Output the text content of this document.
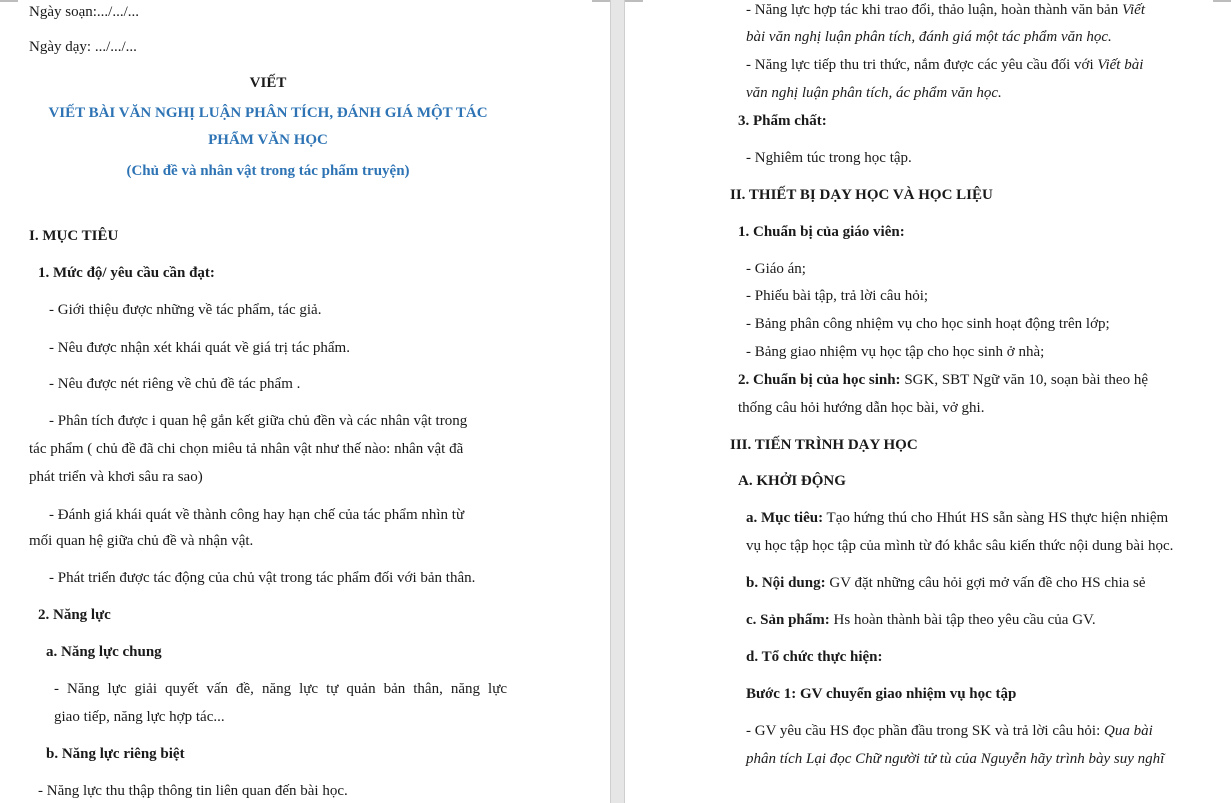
Ngày soạn:.../.../...
Ngày dạy: .../.../...
VIẾT
VIẾT BÀI VĂN NGHỊ LUẬN PHÂN TÍCH, ĐÁNH GIÁ MỘT TÁC
PHẨM VĂN HỌC
(Chủ đề và nhân vật trong tác phẩm truyện)
I. MỤC TIÊU
1. Mức độ/ yêu cầu cần đạt:
- Giới thiệu được những về tác phẩm, tác giả.
- Nêu được nhận xét khái quát về giá trị tác phẩm.
- Nêu được nét riêng về chủ đề tác phẩm .
- Phân tích được i quan hệ gắn kết giữa chủ đền và các nhân vật trong
tác phẩm ( chủ đề đã chi chọn miêu tả nhân vật như thế nào: nhân vật đã
phát triển và khơi sâu ra sao)
- Đánh giá khái quát về thành công hay hạn chế của tác phẩm nhìn từ
mối quan hệ giữa chủ đề và nhận vật.
- Phát triển được tác động của chủ vật trong tác phẩm đối với bản thân.
2. Năng lực
a. Năng lực chung
- Năng lực giải quyết vấn đề, năng lực tự quản bản thân, năng lực
giao tiếp, năng lực hợp tác...
b. Năng lực riêng biệt
- Năng lực thu thập thông tin liên quan đến bài học.
- Năng lực hợp tác khi trao đổi, thảo luận, hoàn thành văn bản Viết
bài văn nghị luận phân tích, đánh giá một tác phẩm văn học.
- Năng lực tiếp thu tri thức, nắm được các yêu cầu đối với Viết bài
văn nghị luận phân tích, ác phẩm văn học.
3. Phẩm chất:
- Nghiêm túc trong học tập.
II. THIẾT BỊ DẠY HỌC VÀ HỌC LIỆU
1. Chuẩn bị của giáo viên:
- Giáo án;
- Phiếu bài tập, trả lời câu hỏi;
- Bảng phân công nhiệm vụ cho học sinh hoạt động trên lớp;
- Bảng giao nhiệm vụ học tập cho học sinh ở nhà;
2. Chuẩn bị của học sinh: SGK, SBT Ngữ văn 10, soạn bài theo hệ
thống câu hỏi hướng dẫn học bài, vở ghi.
III. TIẾN TRÌNH DẠY HỌC
A. KHỞI ĐỘNG
a. Mục tiêu: Tạo hứng thú cho Hhút HS sẵn sàng HS thực hiện nhiệm
vụ học tập học tập của mình từ đó khắc sâu kiến thức nội dung bài học.
b. Nội dung: GV đặt những câu hỏi gợi mở vấn đề cho HS chia sẻ
c. Sản phẩm: Hs hoàn thành bài tập theo yêu cầu của GV.
d. Tổ chức thực hiện:
Bước 1: GV chuyển giao nhiệm vụ học tập
- GV yêu cầu HS đọc phần đầu trong SK và trả lời câu hỏi: Qua bài
phân tích Lại đọc Chữ người tử tù của Nguyễn hãy trình bày suy nghĩ
